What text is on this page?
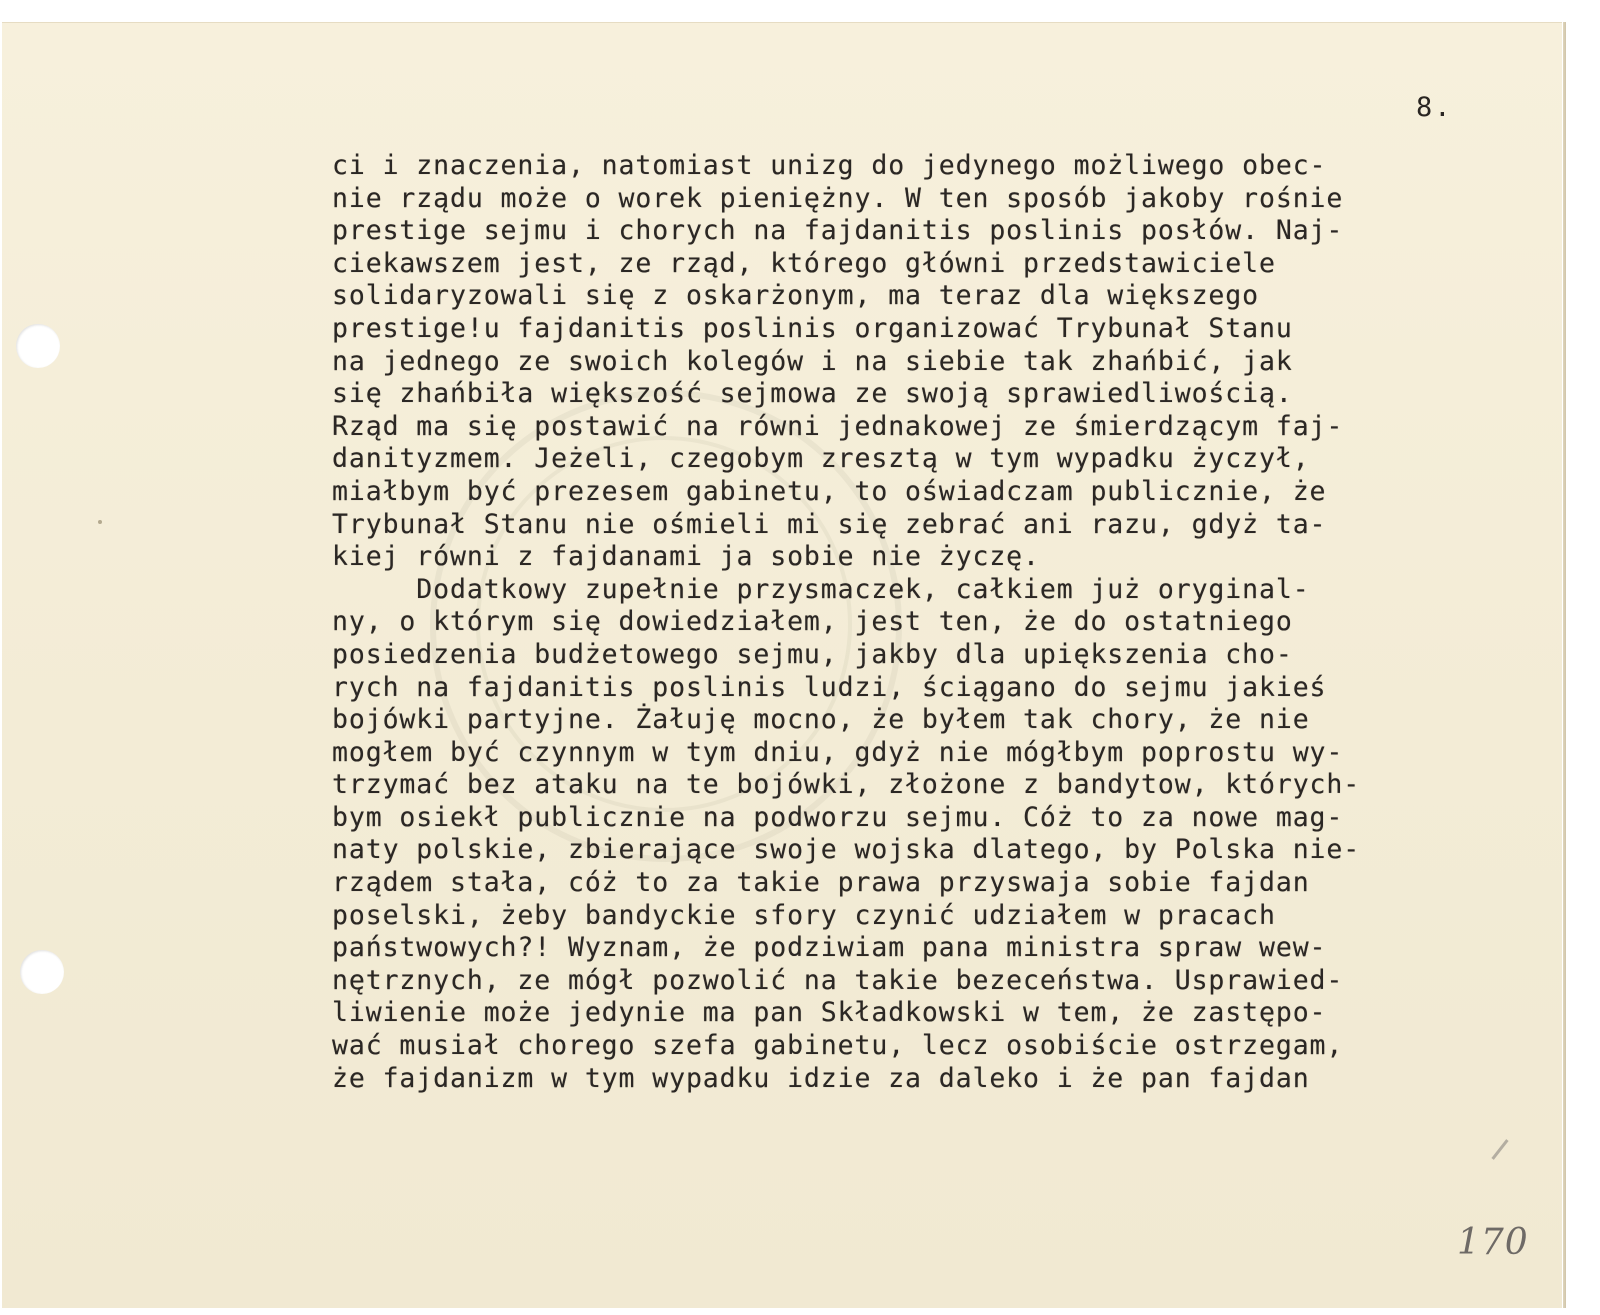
8.
ci i znaczenia, natomiast unizg do jedynego możliwego obec-
nie rządu może o worek pieniężny. W ten sposób jakoby rośnie
prestige sejmu i chorych na fajdanitis poslinis posłów. Naj-
ciekawszem jest, ze rząd, którego główni przedstawiciele
solidaryzowali się z oskarżonym, ma teraz dla większego
prestige!u fajdanitis poslinis organizować Trybunał Stanu
na jednego ze swoich kolegów i na siebie tak zhańbić, jak
się zhańbiła większość sejmowa ze swoją sprawiedliwością.
Rząd ma się postawić na równi jednakowej ze śmierdzącym faj-
danityzmem. Jeżeli, czegobym zresztą w tym wypadku życzył,
miałbym być prezesem gabinetu, to oświadczam publicznie, że
Trybunał Stanu nie ośmieli mi się zebrać ani razu, gdyż ta-
kiej równi z fajdanami ja sobie nie życzę.
Dodatkowy zupełnie przysmaczek, całkiem już oryginal-
ny, o którym się dowiedziałem, jest ten, że do ostatniego
posiedzenia budżetowego sejmu, jakby dla upiększenia cho-
rych na fajdanitis poslinis ludzi, ściągano do sejmu jakieś
bojówki partyjne. Żałuję mocno, że byłem tak chory, że nie
mogłem być czynnym w tym dniu, gdyż nie mógłbym poprostu wy-
trzymać bez ataku na te bojówki, złożone z bandytow, których-
bym osiekł publicznie na podworzu sejmu. Cóż to za nowe mag-
naty polskie, zbierające swoje wojska dlatego, by Polska nie-
rządem stała, cóż to za takie prawa przyswaja sobie fajdan
poselski, żeby bandyckie sfory czynić udziałem w pracach
państwowych?! Wyznam, że podziwiam pana ministra spraw wew-
nętrznych, ze mógł pozwolić na takie bezeceństwa. Usprawied-
liwienie może jedynie ma pan Składkowski w tem, że zastępo-
wać musiał chorego szefa gabinetu, lecz osobiście ostrzegam,
że fajdanizm w tym wypadku idzie za daleko i że pan fajdan
170
